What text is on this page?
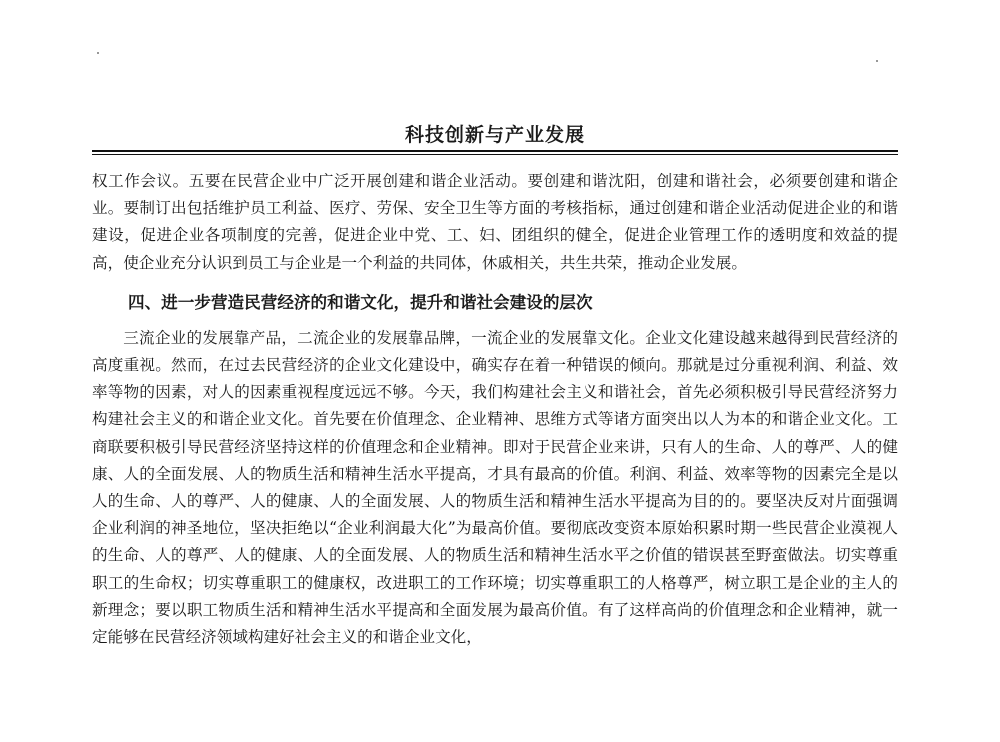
科技创新与产业发展

权工作会议。五要在民营企业中广泛开展创建和谐企业活动。要创建和谐沈阳，创建和谐社会，必须要创建和谐企业。要制订出包括维护员工利益、医疗、劳保、安全卫生等方面的考核指标，通过创建和谐企业活动促进企业的和谐建设，促进企业各项制度的完善，促进企业中党、工、妇、团组织的健全，促进企业管理工作的透明度和效益的提高，使企业充分认识到员工与企业是一个利益的共同体，休戚相关，共生共荣，推动企业发展。

四、进一步营造民营经济的和谐文化，提升和谐社会建设的层次

三流企业的发展靠产品，二流企业的发展靠品牌，一流企业的发展靠文化。企业文化建设越来越得到民营经济的高度重视。然而，在过去民营经济的企业文化建设中，确实存在着一种错误的倾向。那就是过分重视利润、利益、效率等物的因素，对人的因素重视程度远远不够。今天，我们构建社会主义和谐社会，首先必须积极引导民营经济努力构建社会主义的和谐企业文化。首先要在价值理念、企业精神、思维方式等诸方面突出以人为本的和谐企业文化。工商联要积极引导民营经济坚持这样的价值理念和企业精神。即对于民营企业来讲，只有人的生命、人的尊严、人的健康、人的全面发展、人的物质生活和精神生活水平提高，才具有最高的价值。利润、利益、效率等物的因素完全是以人的生命、人的尊严、人的健康、人的全面发展、人的物质生活和精神生活水平提高为目的的。要坚决反对片面强调企业利润的神圣地位，坚决拒绝以“企业利润最大化”为最高价值。要彻底改变资本原始积累时期一些民营企业漠视人的生命、人的尊严、人的健康、人的全面发展、人的物质生活和精神生活水平之价值的错误甚至野蛮做法。切实尊重职工的生命权；切实尊重职工的健康权，改进职工的工作环境；切实尊重职工的人格尊严，树立职工是企业的主人的新理念；要以职工物质生活和精神生活水平提高和全面发展为最高价值。有了这样高尚的价值理念和企业精神，就一定能够在民营经济领域构建好社会主义的和谐企业文化，
